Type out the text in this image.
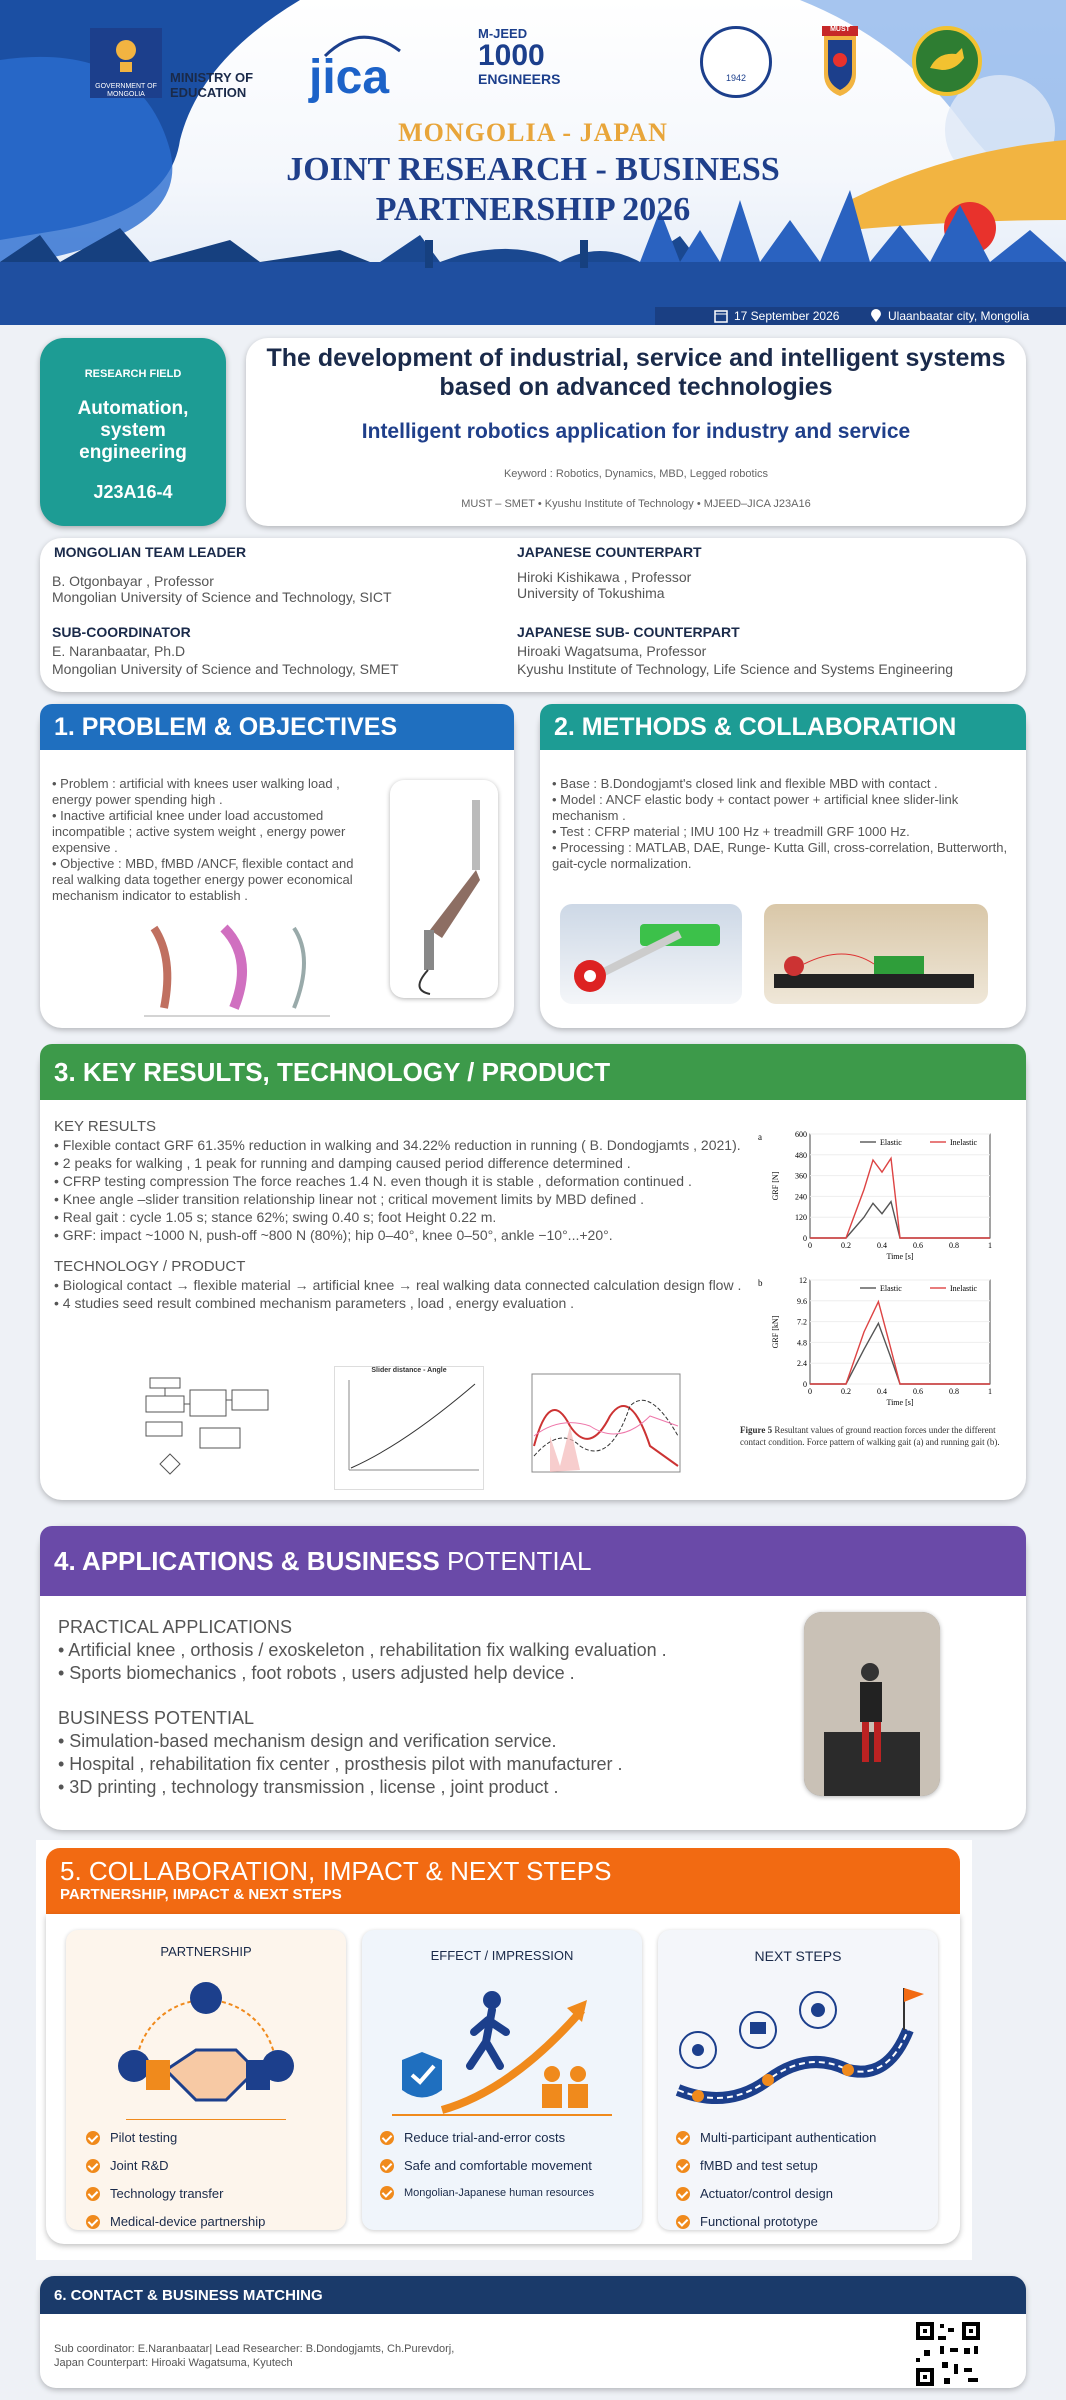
GOVERNMENT OF MONGOLIA
MINISTRY OF EDUCATION	jica
M-JEED
1000
ENGINEERS	1942
MUST
MONGOLIA - JAPAN
JOINT RESEARCH - BUSINESS
PARTNERSHIP 2026
17 September 2026	Ulaanbaatar city, Mongolia
RESEARCH FIELD
Automation, system engineering
J23A16-4
The development of industrial, service and intelligent systems based on advanced technologies
Intelligent robotics application for industry and service
Keyword : Robotics, Dynamics, MBD, Legged robotics
MUST – SMET • Kyushu Institute of Technology • MJEED–JICA J23A16
MONGOLIAN TEAM LEADER
B. Otgonbayar , Professor
Mongolian University of Science and Technology, SICT
SUB-COORDINATOR
E. Naranbaatar, Ph.D
Mongolian University of Science and Technology, SMET
JAPANESE COUNTERPART
Hiroki Kishikawa , Professor
University of Tokushima
JAPANESE SUB- COUNTERPART
Hiroaki Wagatsuma, Professor
Kyushu Institute of Technology, Life Science and Systems Engineering
1. PROBLEM & OBJECTIVES
• Problem : artificial with knees user walking load , energy power spending high .
• Inactive artificial knee under load accustomed incompatible ; active system weight , energy power expensive .
• Objective : MBD, fMBD /ANCF, flexible contact and real walking data together energy power economical mechanism indicator to establish .
2. METHODS & COLLABORATION
• Base : B.Dondogjamt's closed link and flexible MBD with contact .
• Model : ANCF elastic body + contact power + artificial knee slider-link mechanism .
• Test : CFRP material ; IMU 100 Hz + treadmill GRF 1000 Hz.
• Processing : MATLAB, DAE, Runge- Kutta Gill, cross-correlation, Butterworth, gait-cycle normalization.
3. KEY RESULTS, TECHNOLOGY / PRODUCT
KEY RESULTS
• Flexible contact GRF 61.35% reduction in walking and 34.22% reduction in running ( B. Dondogjamts , 2021).
• 2 peaks for walking , 1 peak for running and damping caused period difference determined .
• CFRP testing compression The force reaches 1.4 N. even though it is stable , deformation continued .
• Knee angle –slider transition relationship linear not ; critical movement limits by MBD defined .
• Real gait : cycle 1.05 s; stance 62%; swing 0.40 s; foot Height 0.22 m.
• GRF: impact ~1000 N, push-off ~800 N (80%); hip 0–40°, knee 0–50°, ankle −10°...+20°.
TECHNOLOGY / PRODUCT
• Biological contact → flexible material → artificial knee → real walking data connected calculation design flow .
• 4 studies seed result combined mechanism parameters , load , energy evaluation .
Slider distance - Angle
a
0	0.2	0.4	0.6	0.8	1
0
120
240
360
480
600
Time [s]
GRF [N]
Elastic	Inelastic
b
0	0.2	0.4	0.6	0.8	1
0
2.4
4.8
7.2
9.6
12
Time [s]
GRF [kN]
Elastic	Inelastic
Figure 5 Resultant values of ground reaction forces under the different contact condition. Force pattern of walking gait (a) and running gait (b).
4. APPLICATIONS & BUSINESS
POTENTIAL
PRACTICAL APPLICATIONS
• Artificial knee , orthosis / exoskeleton , rehabilitation fix walking evaluation .
• Sports biomechanics , foot robots , users adjusted help device .
BUSINESS POTENTIAL
• Simulation-based mechanism design and verification service.
• Hospital , rehabilitation fix center , prosthesis pilot with manufacturer .
• 3D printing , technology transmission , license , joint product .
5. COLLABORATION, IMPACT & NEXT STEPS
PARTNERSHIP, IMPACT & NEXT STEPS
PARTNERSHIP
Pilot testing
Joint R&D
Technology transfer
Medical-device partnership
EFFECT / IMPRESSION
Reduce trial-and-error costs
Safe and comfortable movement
Mongolian-Japanese human resources
NEXT STEPS
Multi-participant authentication
fMBD and test setup
Actuator/control design
Functional prototype
6. CONTACT & BUSINESS MATCHING
Sub coordinator: E.Naranbaatar| Lead Researcher: B.Dondogjamts, Ch.Purevdorj,
Japan Counterpart: Hiroaki Wagatsuma, Kyutech
